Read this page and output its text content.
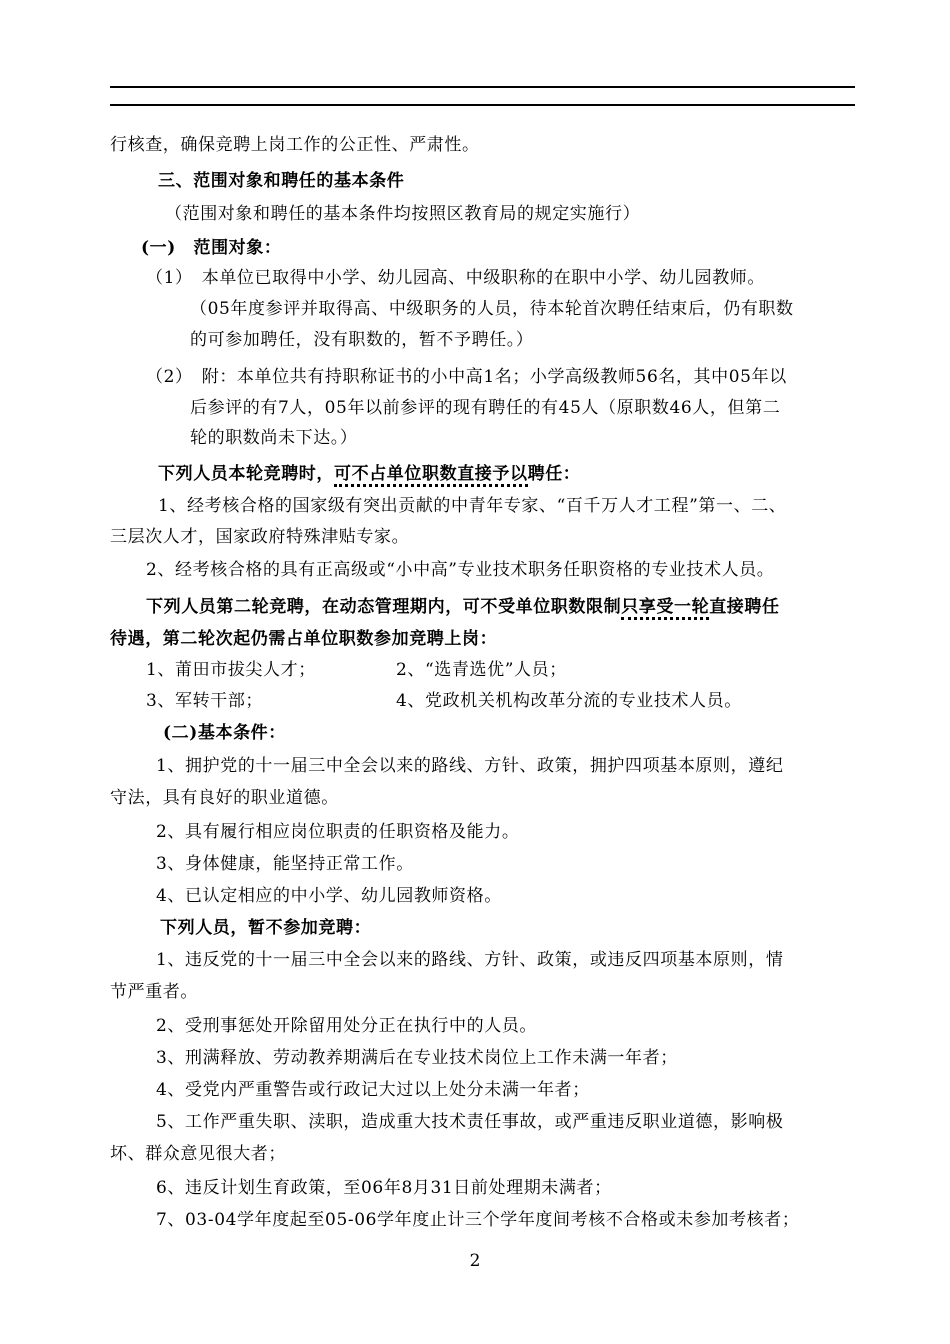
行核查，确保竞聘上岗工作的公正性、严肃性。
三、范围对象和聘任的基本条件
（范围对象和聘任的基本条件均按照区教育局的规定实施行）
(一)　范围对象：
（1）　本单位已取得中小学、幼儿园高、中级职称的在职中小学、幼儿园教师。
（05年度参评并取得高、中级职务的人员，待本轮首次聘任结束后，仍有职数
的可参加聘任，没有职数的，暂不予聘任。）
（2）　附：本单位共有持职称证书的小中高1名；小学高级教师56名，其中05年以
后参评的有7人，05年以前参评的现有聘任的有45人（原职数46人，但第二
轮的职数尚未下达。）
下列人员本轮竞聘时，可不占单位职数直接予以聘任：
1、经考核合格的国家级有突出贡献的中青年专家、“百千万人才工程”第一、二、
三层次人才，国家政府特殊津贴专家。
2、经考核合格的具有正高级或“小中高”专业技术职务任职资格的专业技术人员。
下列人员第二轮竞聘，在动态管理期内，可不受单位职数限制只享受一轮直接聘任
待遇，第二轮次起仍需占单位职数参加竞聘上岗：
1、莆田市拔尖人才；	2、“选青选优”人员；
3、军转干部；	4、党政机关机构改革分流的专业技术人员。
(二)基本条件：
1、拥护党的十一届三中全会以来的路线、方针、政策，拥护四项基本原则，遵纪
守法，具有良好的职业道德。
2、具有履行相应岗位职责的任职资格及能力。
3、身体健康，能坚持正常工作。
4、已认定相应的中小学、幼儿园教师资格。
下列人员，暂不参加竞聘：
1、违反党的十一届三中全会以来的路线、方针、政策，或违反四项基本原则，情
节严重者。
2、受刑事惩处开除留用处分正在执行中的人员。
3、刑满释放、劳动教养期满后在专业技术岗位上工作未满一年者；
4、受党内严重警告或行政记大过以上处分未满一年者；
5、工作严重失职、渎职，造成重大技术责任事故，或严重违反职业道德，影响极
坏、群众意见很大者；
6、违反计划生育政策，至06年8月31日前处理期未满者；
7、03-04学年度起至05-06学年度止计三个学年度间考核不合格或未参加考核者；
2
